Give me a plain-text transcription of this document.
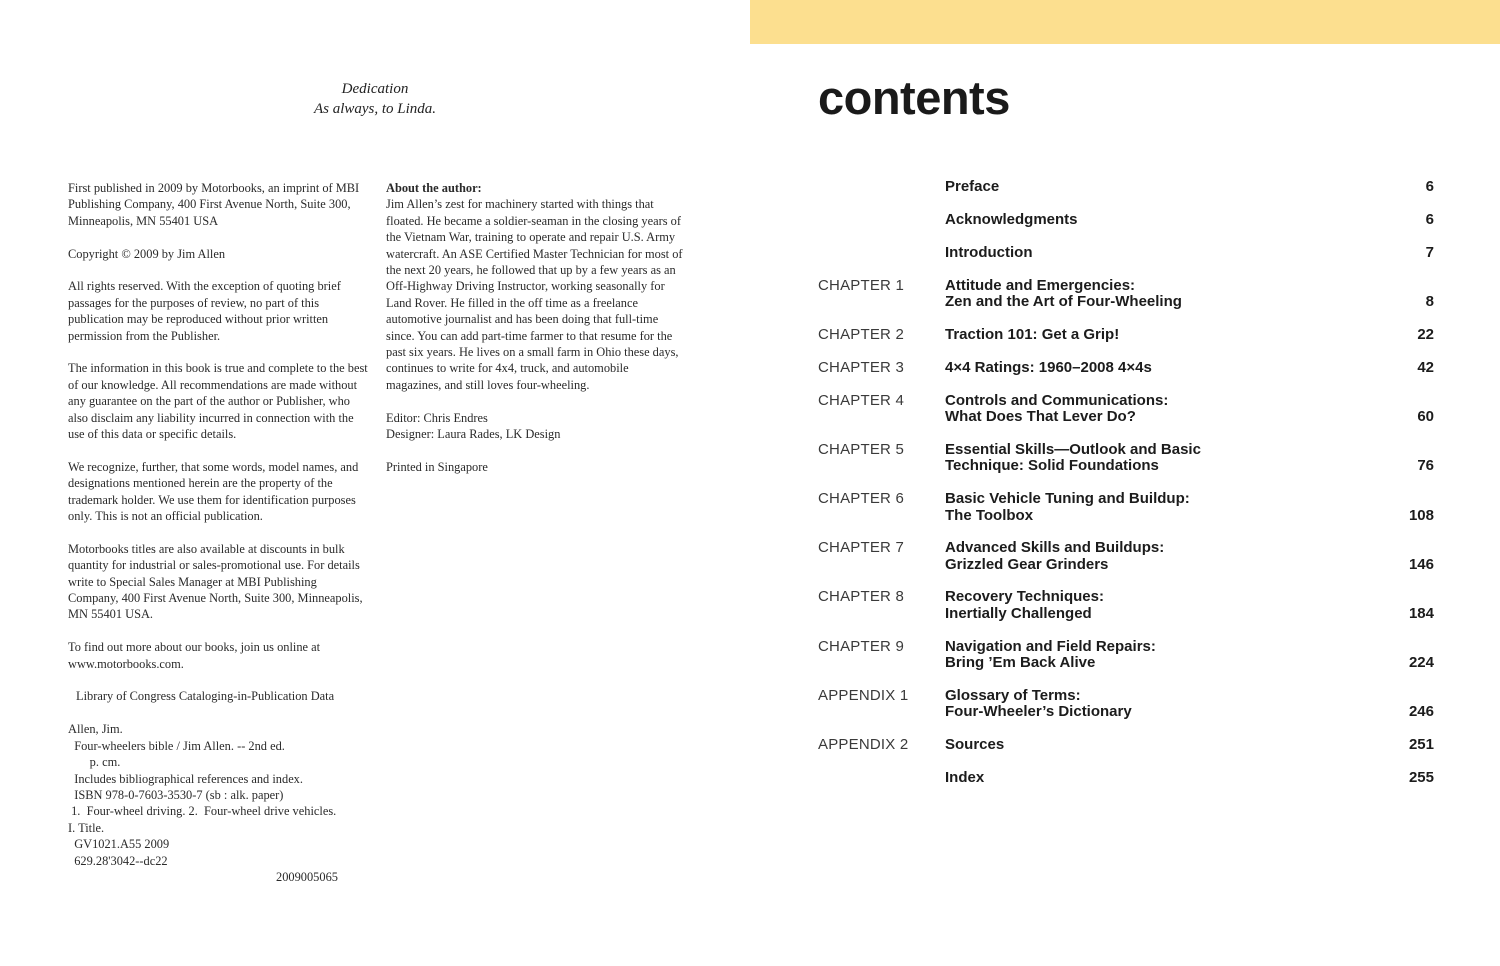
Dedication
As always, to Linda.

First published in 2009 by Motorbooks, an imprint of MBI Publishing Company, 400 First Avenue North, Suite 300, Minneapolis, MN 55401 USA

Copyright © 2009 by Jim Allen

All rights reserved. With the exception of quoting brief passages for the purposes of review, no part of this publication may be reproduced without prior written permission from the Publisher.

The information in this book is true and complete to the best of our knowledge. All recommendations are made without any guarantee on the part of the author or Publisher, who also disclaim any liability incurred in connection with the use of this data or specific details.

We recognize, further, that some words, model names, and designations mentioned herein are the property of the trademark holder. We use them for identification purposes only. This is not an official publication.

Motorbooks titles are also available at discounts in bulk quantity for industrial or sales-promotional use. For details write to Special Sales Manager at MBI Publishing Company, 400 First Avenue North, Suite 300, Minneapolis, MN 55401 USA.

To find out more about our books, join us online at www.motorbooks.com.

Library of Congress Cataloging-in-Publication Data

Allen, Jim.
Four-wheelers bible / Jim Allen. -- 2nd ed.
p. cm.
Includes bibliographical references and index.
ISBN 978-0-7603-3530-7 (sb : alk. paper)
1.  Four-wheel driving. 2.  Four-wheel drive vehicles.
I. Title.
GV1021.A55 2009
629.28'3042--dc22

2009005065

About the author:
Jim Allen’s zest for machinery started with things that floated. He became a soldier-seaman in the closing years of the Vietnam War, training to operate and repair U.S. Army watercraft. An ASE Certified Master Technician for most of the next 20 years, he followed that up by a few years as an Off-Highway Driving Instructor, working seasonally for Land Rover. He filled in the off time as a freelance automotive journalist and has been doing that full-time since. You can add part-time farmer to that resume for the past six years. He lives on a small farm in Ohio these days, continues to write for 4x4, truck, and automobile magazines, and still loves four-wheeling.

Editor: Chris Endres
Designer: Laura Rades, LK Design

Printed in Singapore

contents
Preface	6
Acknowledgments	6
Introduction	7
CHAPTER 1	Attitude and Emergencies:
Zen and the Art of Four-Wheeling	8
CHAPTER 2	Traction 101: Get a Grip!	22
CHAPTER 3	4×4 Ratings: 1960–2008 4×4s	42
CHAPTER 4	Controls and Communications:
What Does That Lever Do?	60
CHAPTER 5	Essential Skills—Outlook and Basic
Technique: Solid Foundations	76
CHAPTER 6	Basic Vehicle Tuning and Buildup:
The Toolbox	108
CHAPTER 7	Advanced Skills and Buildups:
Grizzled Gear Grinders	146
CHAPTER 8	Recovery Techniques:
Inertially Challenged	184
CHAPTER 9	Navigation and Field Repairs:
Bring ’Em Back Alive	224
APPENDIX 1 Glossary of Terms:
Four-Wheeler’s Dictionary	246
APPENDIX 2 Sources	251
Index	255
